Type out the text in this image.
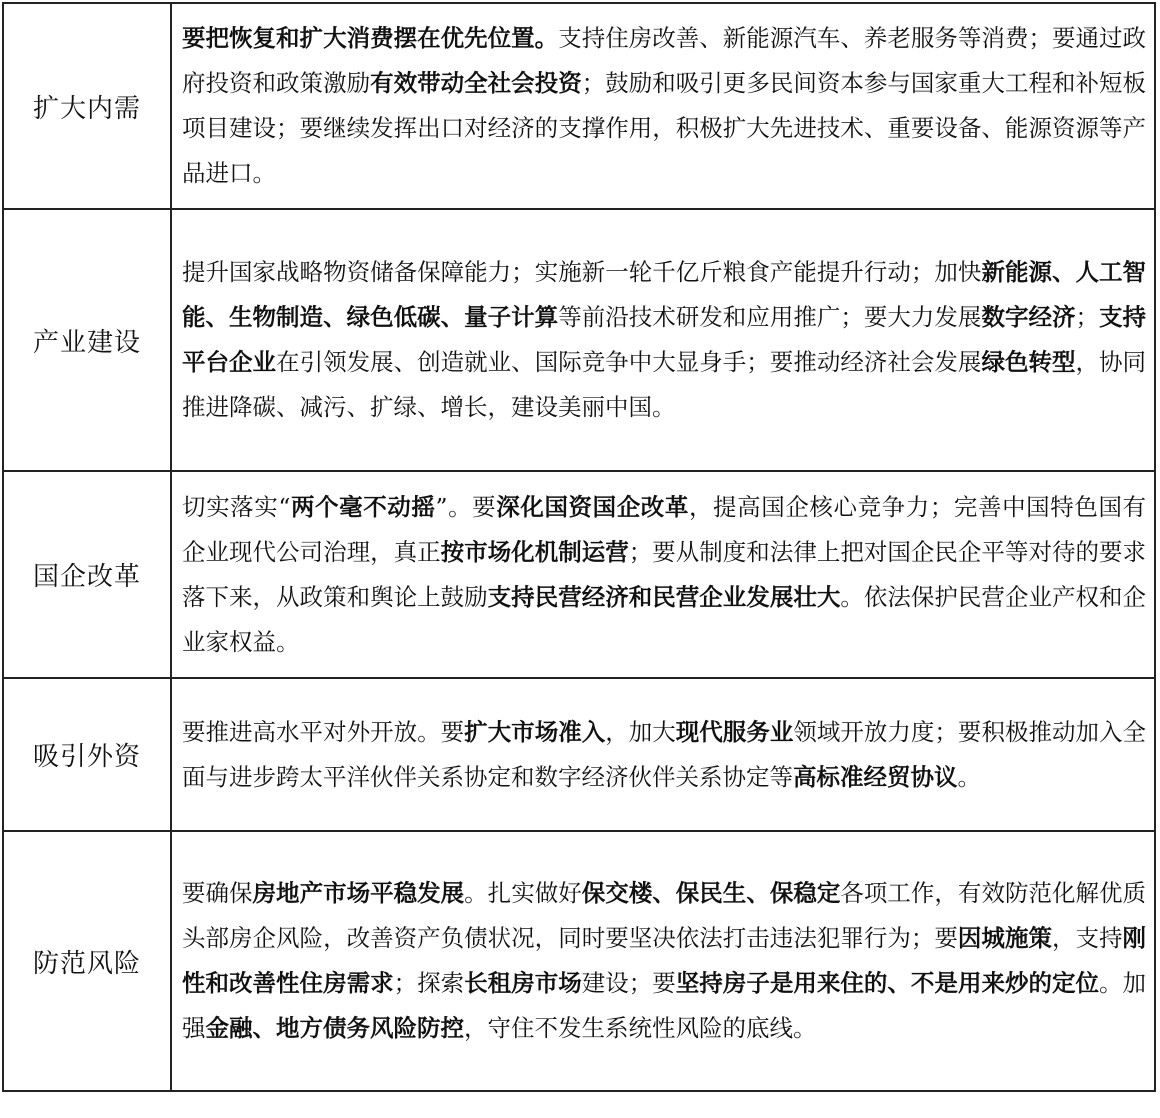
扩大内需	要把恢复和扩大消费摆在优先位置。支持住房改善、新能源汽车、养老服务等消费；要通过政府投资和政策激励有效带动全社会投资；鼓励和吸引更多民间资本参与国家重大工程和补短板项目建设；要继续发挥出口对经济的支撑作用，积极扩大先进技术、重要设备、能源资源等产品进口。
产业建设	提升国家战略物资储备保障能力；实施新一轮千亿斤粮食产能提升行动；加快新能源、人工智能、生物制造、绿色低碳、量子计算等前沿技术研发和应用推广；要大力发展数字经济；支持平台企业在引领发展、创造就业、国际竞争中大显身手；要推动经济社会发展绿色转型，协同推进降碳、减污、扩绿、增长，建设美丽中国。
国企改革	切实落实“两个毫不动摇”。要深化国资国企改革，提高国企核心竞争力；完善中国特色国有企业现代公司治理，真正按市场化机制运营；要从制度和法律上把对国企民企平等对待的要求落下来，从政策和舆论上鼓励支持民营经济和民营企业发展壮大。依法保护民营企业产权和企业家权益。
吸引外资	要推进高水平对外开放。要扩大市场准入，加大现代服务业领域开放力度；要积极推动加入全面与进步跨太平洋伙伴关系协定和数字经济伙伴关系协定等高标准经贸协议。
防范风险	要确保房地产市场平稳发展。扎实做好保交楼、保民生、保稳定各项工作，有效防范化解优质头部房企风险，改善资产负债状况，同时要坚决依法打击违法犯罪行为；要因城施策，支持刚性和改善性住房需求；探索长租房市场建设；要坚持房子是用来住的、不是用来炒的定位。加强金融、地方债务风险防控，守住不发生系统性风险的底线。
